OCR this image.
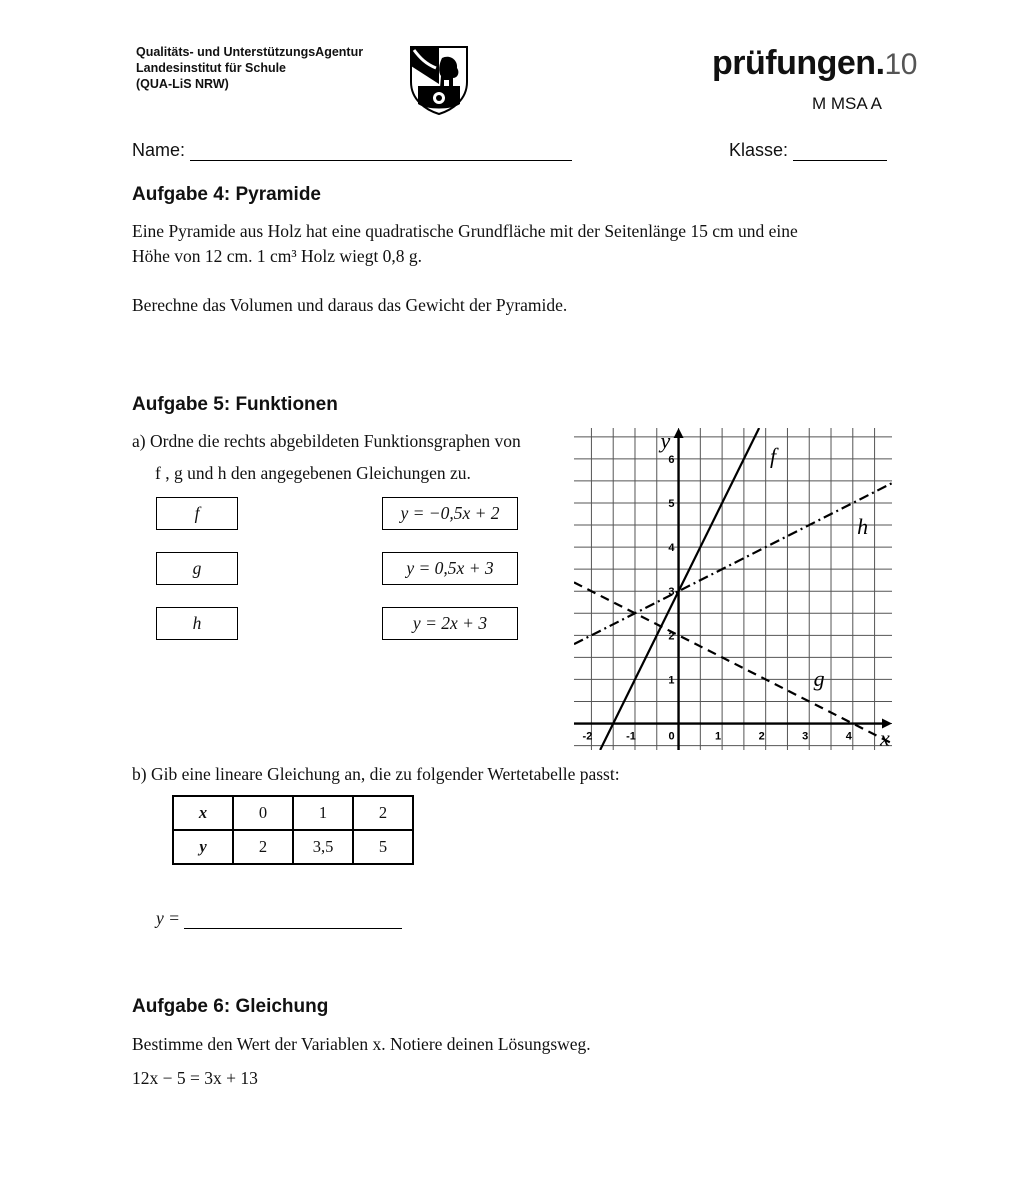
Qualitäts- und UnterstützungsAgentur
Landesinstitut für Schule
(QUA-LiS NRW)
prüfungen.10
M MSA A
Name:	Klasse:
Aufgabe 4: Pyramide
Eine Pyramide aus Holz hat eine quadratische Grundfläche mit der Seitenlänge 15 cm und eine
Höhe von 12 cm. 1 cm³ Holz wiegt 0,8 g.
Berechne das Volumen und daraus das Gewicht der Pyramide.
Aufgabe 5: Funktionen
a) Ordne die rechts abgebildeten Funktionsgraphen von
f , g und h den angegebenen Gleichungen zu.
f
g
h
y = −0,5x + 2
y = 0,5x + 3
y = 2x + 3
-2	-1	0	1	2	3	4
1
2
3
4
5
6	f
g
h
x
y
b) Gib eine lineare Gleichung an, die zu folgender Wertetabelle passt:
x	0	1	2
y	2	3,5	5
y =
Aufgabe 6: Gleichung
Bestimme den Wert der Variablen x. Notiere deinen Lösungsweg.
12x − 5 = 3x + 13
